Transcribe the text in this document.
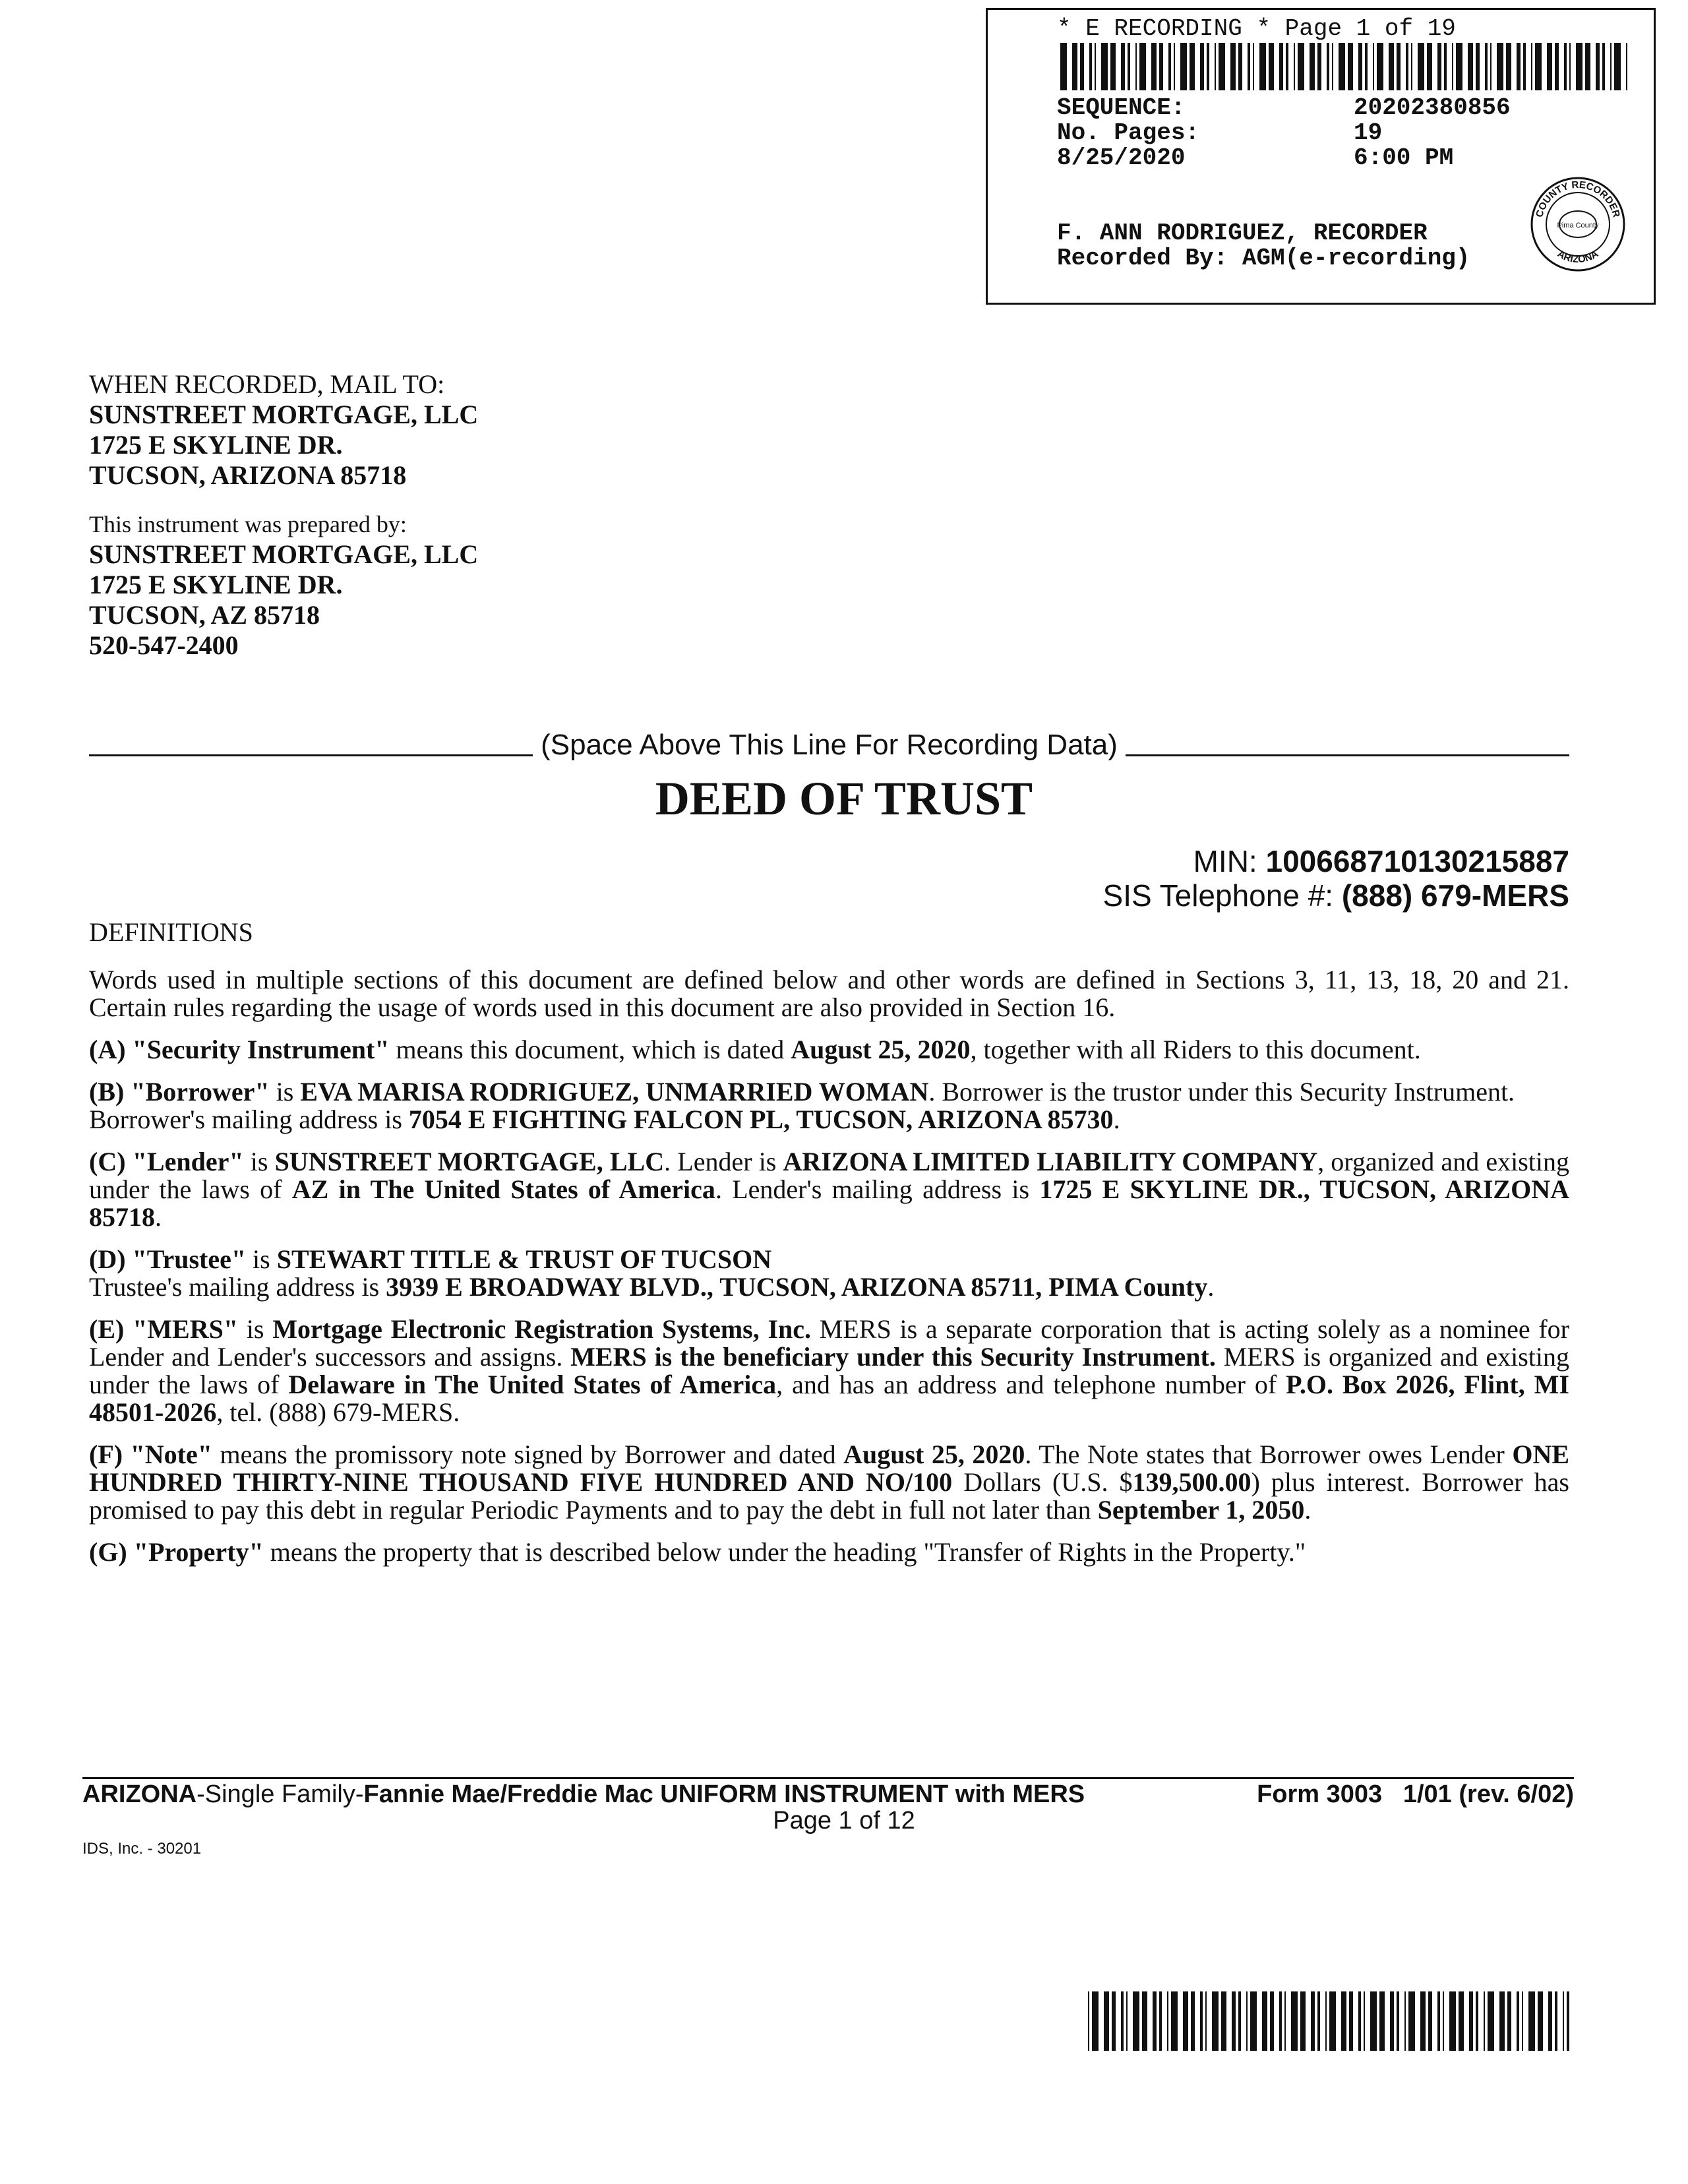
* E RECORDING * Page 1 of 19
SEQUENCE:	20202380856
No. Pages:	19
8/25/2020	6:00 PM
F. ANN RODRIGUEZ, RECORDER
Recorded By: AGM(e-recording)
COUNTY RECORDER
Pima County
ARIZONA
WHEN RECORDED, MAIL TO:
SUNSTREET MORTGAGE, LLC
1725 E SKYLINE DR.
TUCSON, ARIZONA 85718
This instrument was prepared by:
SUNSTREET MORTGAGE, LLC
1725 E SKYLINE DR.
TUCSON, AZ 85718
520-547-2400
(Space Above This Line For Recording Data)
DEED OF TRUST
MIN: 100668710130215887
SIS Telephone #: (888) 679-MERS
DEFINITIONS

Words used in multiple sections of this document are defined below and other words are defined in Sections 3, 11, 13, 18, 20 and 21. Certain rules regarding the usage of words used in this document are also provided in Section 16.

(A) "Security Instrument" means this document, which is dated August 25, 2020, together with all Riders to this document.

(B) "Borrower" is EVA MARISA RODRIGUEZ, UNMARRIED WOMAN. Borrower is the trustor under this Security Instrument.
Borrower's mailing address is 7054 E FIGHTING FALCON PL, TUCSON, ARIZONA 85730.

(C) "Lender" is SUNSTREET MORTGAGE, LLC. Lender is ARIZONA LIMITED LIABILITY COMPANY, organized and existing under the laws of AZ in The United States of America. Lender's mailing address is 1725 E SKYLINE DR., TUCSON, ARIZONA 85718.

(D) "Trustee" is STEWART TITLE & TRUST OF TUCSON
Trustee's mailing address is 3939 E BROADWAY BLVD., TUCSON, ARIZONA 85711, PIMA County.

(E) "MERS" is Mortgage Electronic Registration Systems, Inc. MERS is a separate corporation that is acting solely as a nominee for Lender and Lender's successors and assigns. MERS is the beneficiary under this Security Instrument. MERS is organized and existing under the laws of Delaware in The United States of America, and has an address and telephone number of P.O. Box 2026, Flint, MI 48501-2026, tel. (888) 679-MERS.

(F) "Note" means the promissory note signed by Borrower and dated August 25, 2020. The Note states that Borrower owes Lender ONE HUNDRED THIRTY-NINE THOUSAND FIVE HUNDRED AND NO/100 Dollars (U.S. $139,500.00) plus interest. Borrower has promised to pay this debt in regular Periodic Payments and to pay the debt in full not later than September 1, 2050.

(G) "Property" means the property that is described below under the heading "Transfer of Rights in the Property."

ARIZONA-Single Family-Fannie Mae/Freddie Mac UNIFORM INSTRUMENT with MERS	Form 3003   1/01 (rev. 6/02)
Page 1 of 12
IDS, Inc. - 30201
